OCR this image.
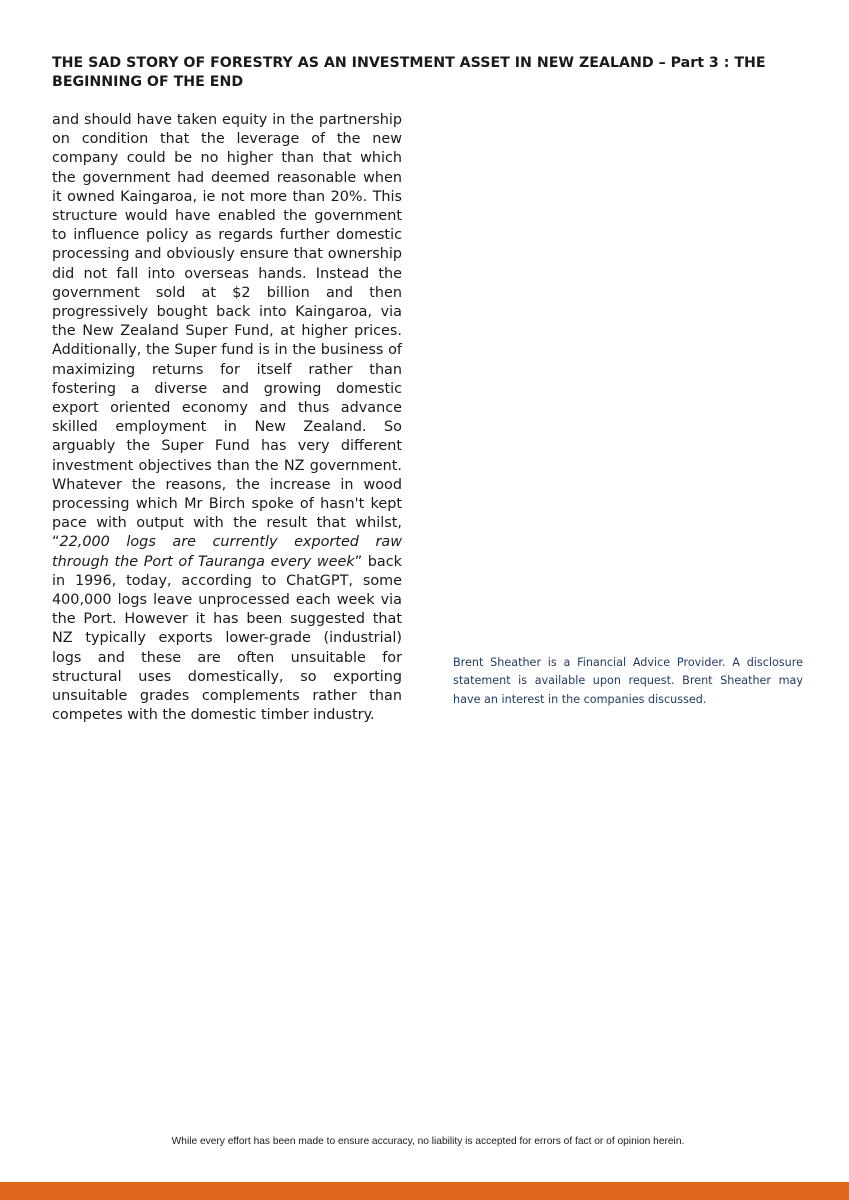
THE SAD STORY OF FORESTRY AS AN INVESTMENT ASSET IN NEW ZEALAND – Part 3 : THE BEGINNING OF THE END

and should have taken equity in the partnership on condition that the leverage of the new company could be no higher than that which the government had deemed reasonable when it owned Kaingaroa, ie not more than 20%. This structure would have enabled the government to influence policy as regards further domestic processing and obviously ensure that ownership did not fall into overseas hands. Instead the government sold at $2 billion and then progressively bought back into Kaingaroa, via the New Zealand Super Fund, at higher prices. Additionally, the Super fund is in the business of maximizing returns for itself rather than fostering a diverse and growing domestic export oriented economy and thus advance skilled employment in New Zealand. So arguably the Super Fund has very different investment objectives than the NZ government. Whatever the reasons, the increase in wood processing which Mr Birch spoke of hasn't kept pace with output with the result that whilst, “22,000 logs are currently exported raw through the Port of Tauranga every week” back in 1996, today, according to ChatGPT, some 400,000 logs leave unprocessed each week via the Port. However it has been suggested that NZ typically exports lower-grade (industrial) logs and these are often unsuitable for structural uses domestically, so exporting unsuitable grades complements rather than competes with the domestic timber industry.

Brent Sheather is a Financial Advice Provider. A disclosure statement is available upon request. Brent Sheather may have an interest in the companies discussed.

While every effort has been made to ensure accuracy, no liability is accepted for errors of fact or of opinion herein.
